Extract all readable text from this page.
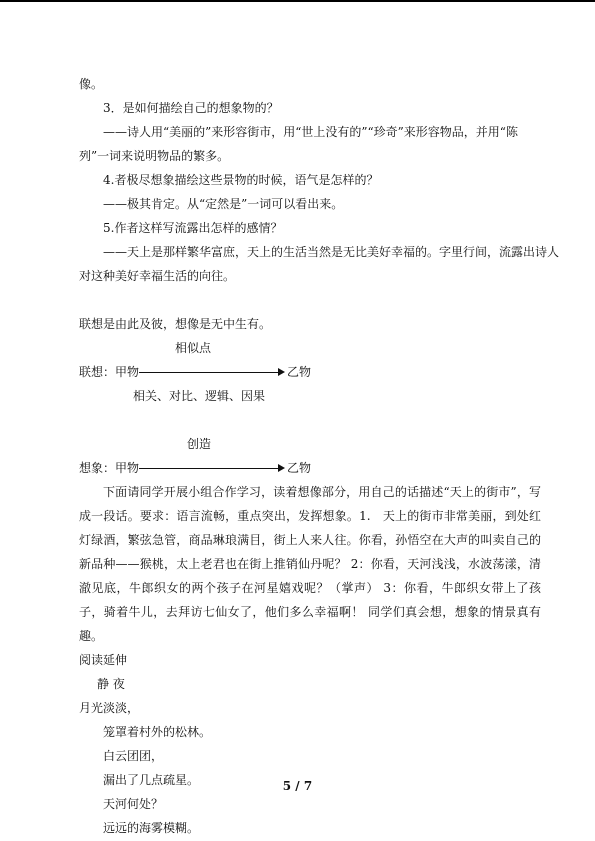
像。

3．是如何描绘自己的想象物的？

——诗人用“美丽的”来形容街市，用“世上没有的”“珍奇”来形容物品，并用“陈

列”一词来说明物品的繁多。

4.者极尽想象描绘这些景物的时候，语气是怎样的？

——极其肯定。从“定然是”一词可以看出来。

5.作者这样写流露出怎样的感情？

——天上是那样繁华富庶，天上的生活当然是无比美好幸福的。字里行间，流露出诗人

对这种美好幸福生活的向往。

联想是由此及彼，想像是无中生有。

相似点

联想：甲物	乙物

相关、对比、逻辑、因果

创造

想象：甲物	乙物

下面请同学开展小组合作学习，读着想像部分，用自己的话描述“天上的街市”，写成一段话。要求：语言流畅，重点突出，发挥想象。1.　天上的街市非常美丽，到处红灯绿酒，繁弦急管，商品琳琅满目，街上人来人往。你看，孙悟空在大声的叫卖自己的新品种——猴桃，太上老君也在街上推销仙丹呢？ 2：你看，天河浅浅，水波荡漾，清澈见底，牛郎织女的两个孩子在河星嬉戏呢？（掌声） 3：你看，牛郎织女带上了孩子，骑着牛儿，去拜访七仙女了，他们多么幸福啊！ 同学们真会想，想象的情景真有趣。

阅读延伸

静 夜

月光淡淡，

笼罩着村外的松林。

白云团团，

漏出了几点疏星。

天河何处？

远远的海雾模糊。

5 / 7
